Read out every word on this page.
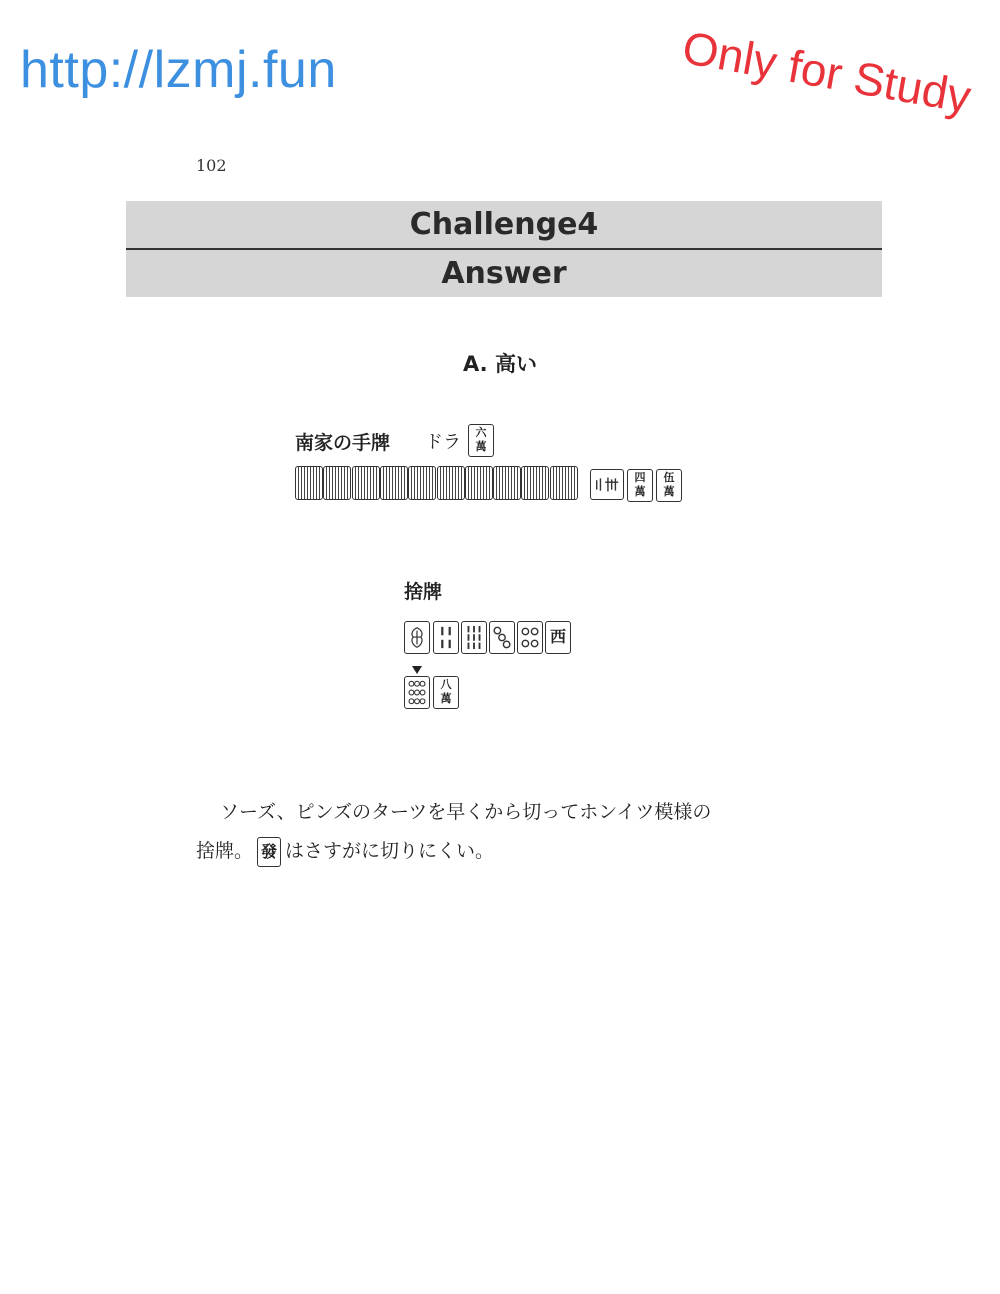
http://lzmj.fun	Only for Study
102
Challenge4
Answer
A. 高い
南家の手牌 ドラ	六
萬
四
萬
伍
萬
捨牌
西
八
萬
ソーズ、ピンズのターツを早くから切ってホンイツ模様の
捨牌。 發 はさすがに切りにくい。
